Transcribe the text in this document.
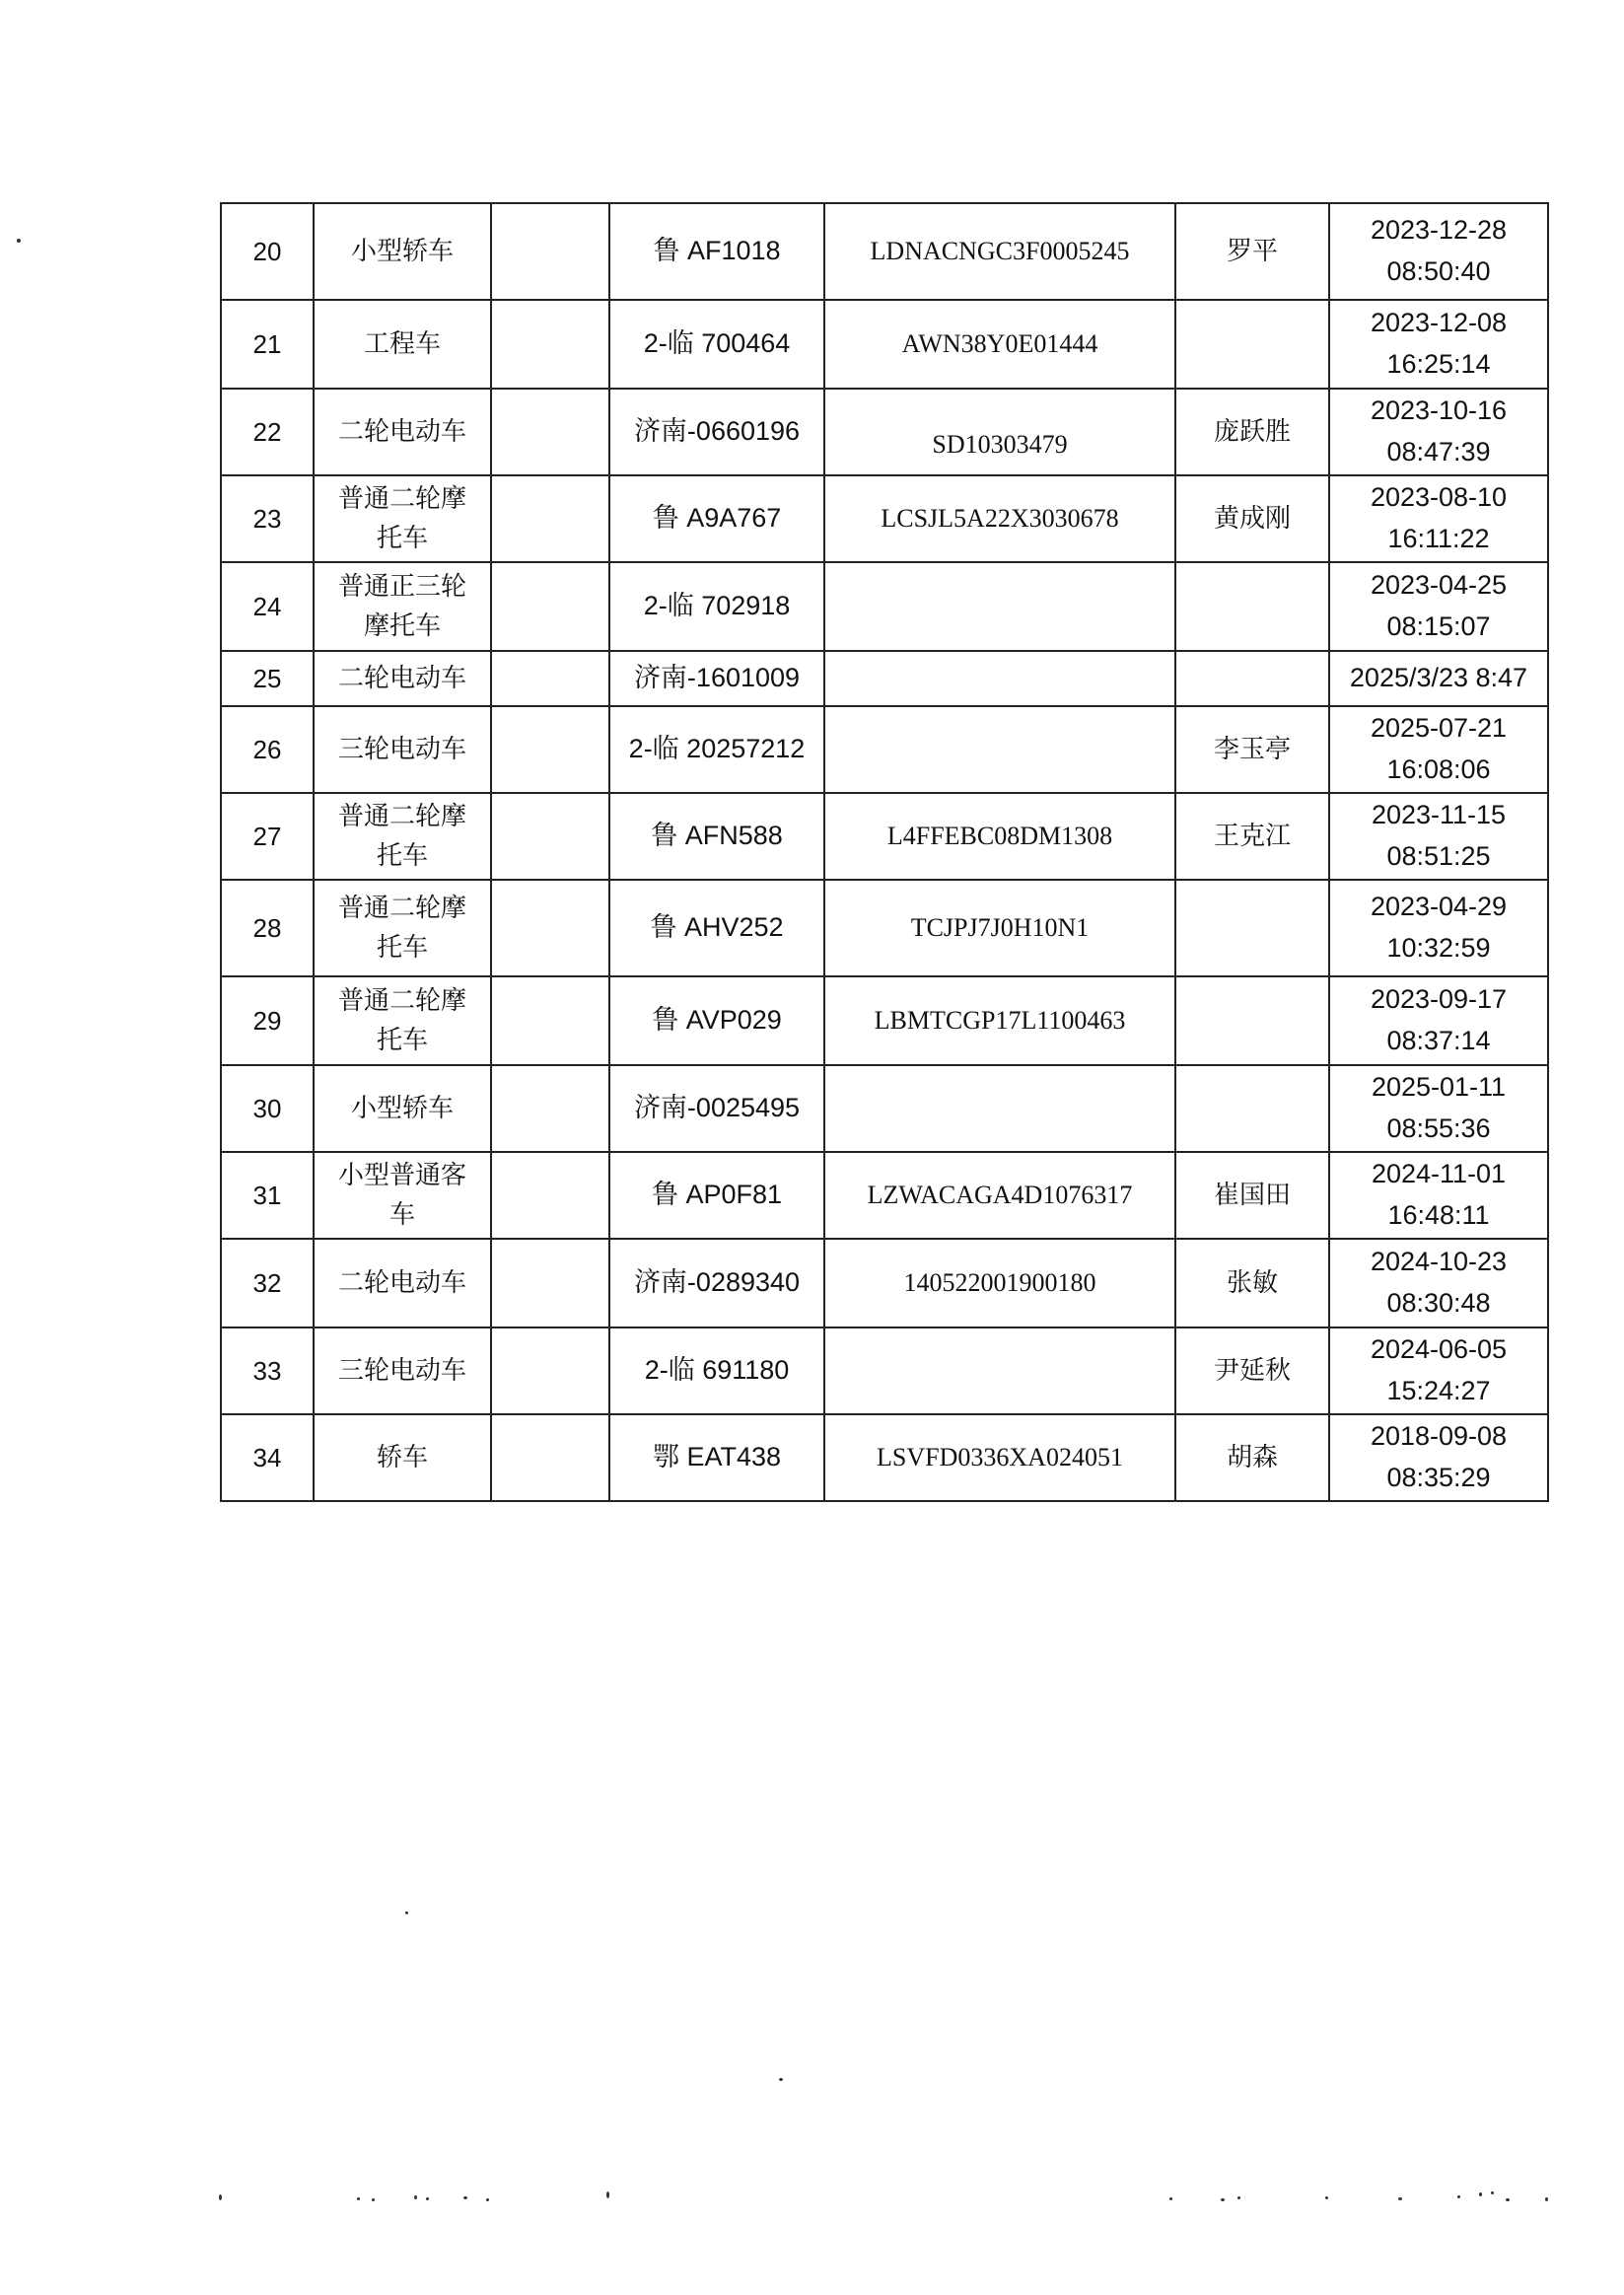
20	小型轿车		鲁 AF1018	LDNACNGC3F0005245	罗平	2023-12-28
08:50:40
21	工程车		2-临 700464	AWN38Y0E01444		2023-12-08
16:25:14
22	二轮电动车		济南-0660196	SD10303479	庞跃胜	2023-10-16
08:47:39
23	普通二轮摩
托车		鲁 A9A767	LCSJL5A22X3030678	黄成刚	2023-08-10
16:11:22
24	普通正三轮
摩托车		2-临 702918			2023-04-25
08:15:07
25	二轮电动车		济南-1601009			2025/3/23 8:47
26	三轮电动车		2-临 20257212		李玉亭	2025-07-21
16:08:06
27	普通二轮摩
托车		鲁 AFN588	L4FFEBC08DM1308	王克江	2023-11-15
08:51:25
28	普通二轮摩
托车		鲁 AHV252	TCJPJ7J0H10N1		2023-04-29
10:32:59
29	普通二轮摩
托车		鲁 AVP029	LBMTCGP17L1100463		2023-09-17
08:37:14
30	小型轿车		济南-0025495			2025-01-11
08:55:36
31	小型普通客
车		鲁 AP0F81	LZWACAGA4D1076317	崔国田	2024-11-01
16:48:11
32	二轮电动车		济南-0289340	140522001900180	张敏	2024-10-23
08:30:48
33	三轮电动车		2-临 691180		尹延秋	2024-06-05
15:24:27
34	轿车		鄂 EAT438	LSVFD0336XA024051	胡森	2018-09-08
08:35:29
